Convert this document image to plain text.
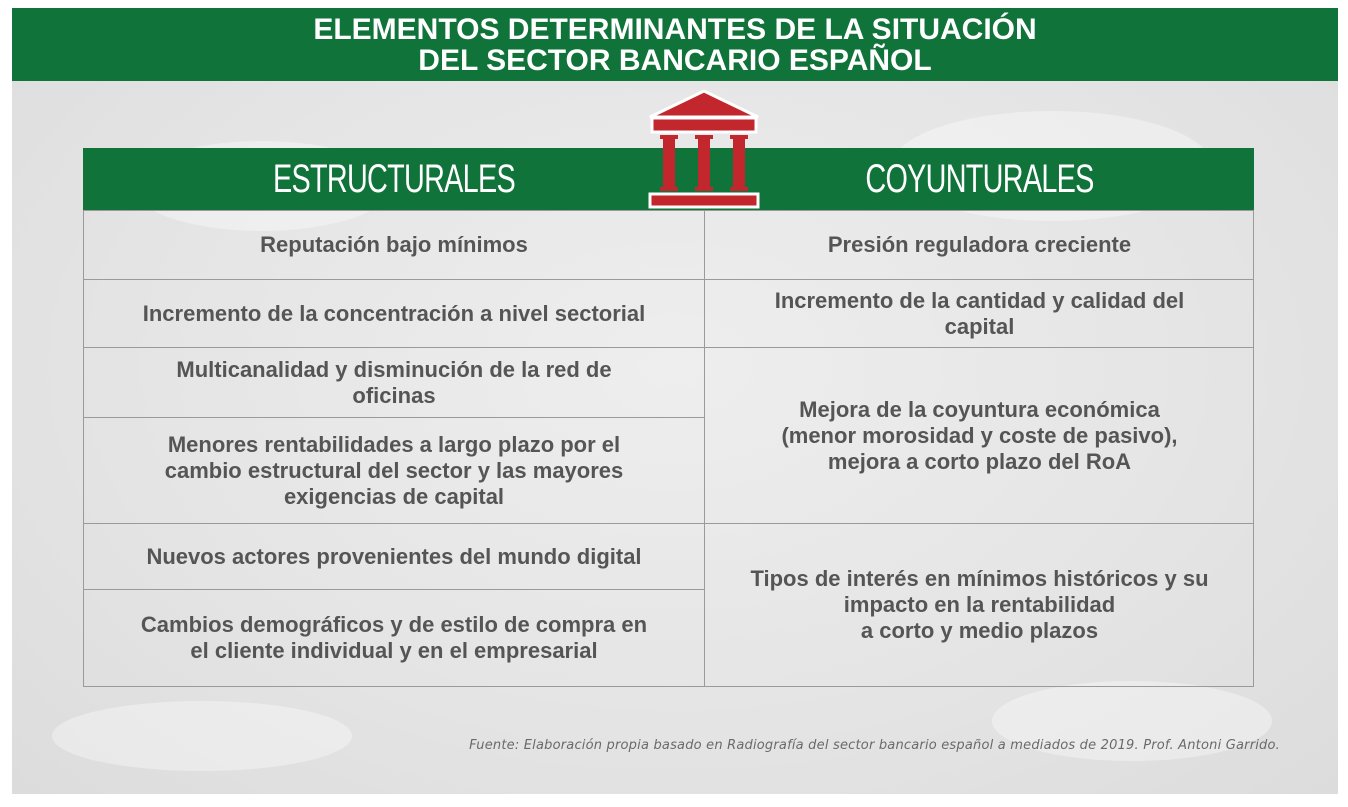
ELEMENTOS DETERMINANTES DE LA SITUACIÓN
DEL SECTOR BANCARIO ESPAÑOL
ESTRUCTURALES	COYUNTURALES
Reputación bajo mínimos
Incremento de la concentración a nivel sectorial
Multicanalidad y disminución de la red de
oficinas
Menores rentabilidades a largo plazo por el
cambio estructural del sector y las mayores
exigencias de capital
Nuevos actores provenientes del mundo digital
Cambios demográficos y de estilo de compra en
el cliente individual y en el empresarial
Presión reguladora creciente
Incremento de la cantidad y calidad del
capital
Mejora de la coyuntura económica
(menor morosidad y coste de pasivo),
mejora a corto plazo del RoA
Tipos de interés en mínimos históricos y su
impacto en la rentabilidad
a corto y medio plazos
Fuente: Elaboración propia basado en Radiografía del sector bancario español a mediados de 2019. Prof. Antoni Garrido.
